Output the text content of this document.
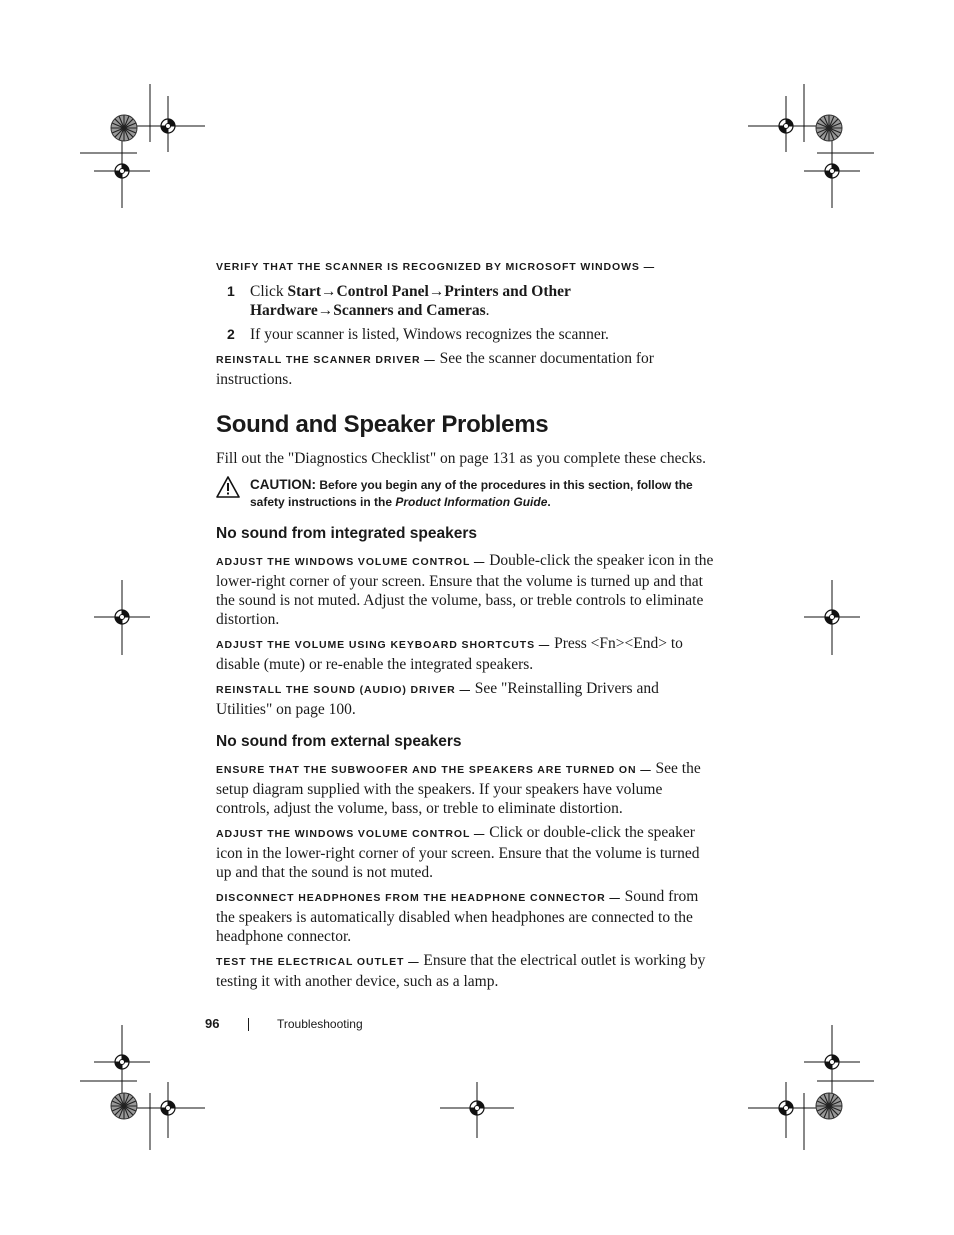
VERIFY THAT THE SCANNER IS RECOGNIZED BY MICROSOFT WINDOWS —
1 Click Start→Control Panel→Printers and Other Hardware→Scanners and Cameras.
2 If your scanner is listed, Windows recognizes the scanner.

REINSTALL THE SCANNER DRIVER — See the scanner documentation for instructions.

Sound and Speaker Problems

Fill out the "Diagnostics Checklist" on page 131 as you complete these checks.

CAUTION: Before you begin any of the procedures in this section, follow the safety instructions in the Product Information Guide.
No sound from integrated speakers

ADJUST THE WINDOWS VOLUME CONTROL — Double-click the speaker icon in the lower-right corner of your screen. Ensure that the volume is turned up and that the sound is not muted. Adjust the volume, bass, or treble controls to eliminate distortion.

ADJUST THE VOLUME USING KEYBOARD SHORTCUTS — Press <Fn><End> to disable (mute) or re-enable the integrated speakers.

REINSTALL THE SOUND (AUDIO) DRIVER — See "Reinstalling Drivers and Utilities" on page 100.

No sound from external speakers

ENSURE THAT THE SUBWOOFER AND THE SPEAKERS ARE TURNED ON — See the setup diagram supplied with the speakers. If your speakers have volume controls, adjust the volume, bass, or treble to eliminate distortion.

ADJUST THE WINDOWS VOLUME CONTROL — Click or double-click the speaker icon in the lower-right corner of your screen. Ensure that the volume is turned up and that the sound is not muted.

DISCONNECT HEADPHONES FROM THE HEADPHONE CONNECTOR — Sound from the speakers is automatically disabled when headphones are connected to the headphone connector.

TEST THE ELECTRICAL OUTLET — Ensure that the electrical outlet is working by testing it with another device, such as a lamp.

96	Troubleshooting
